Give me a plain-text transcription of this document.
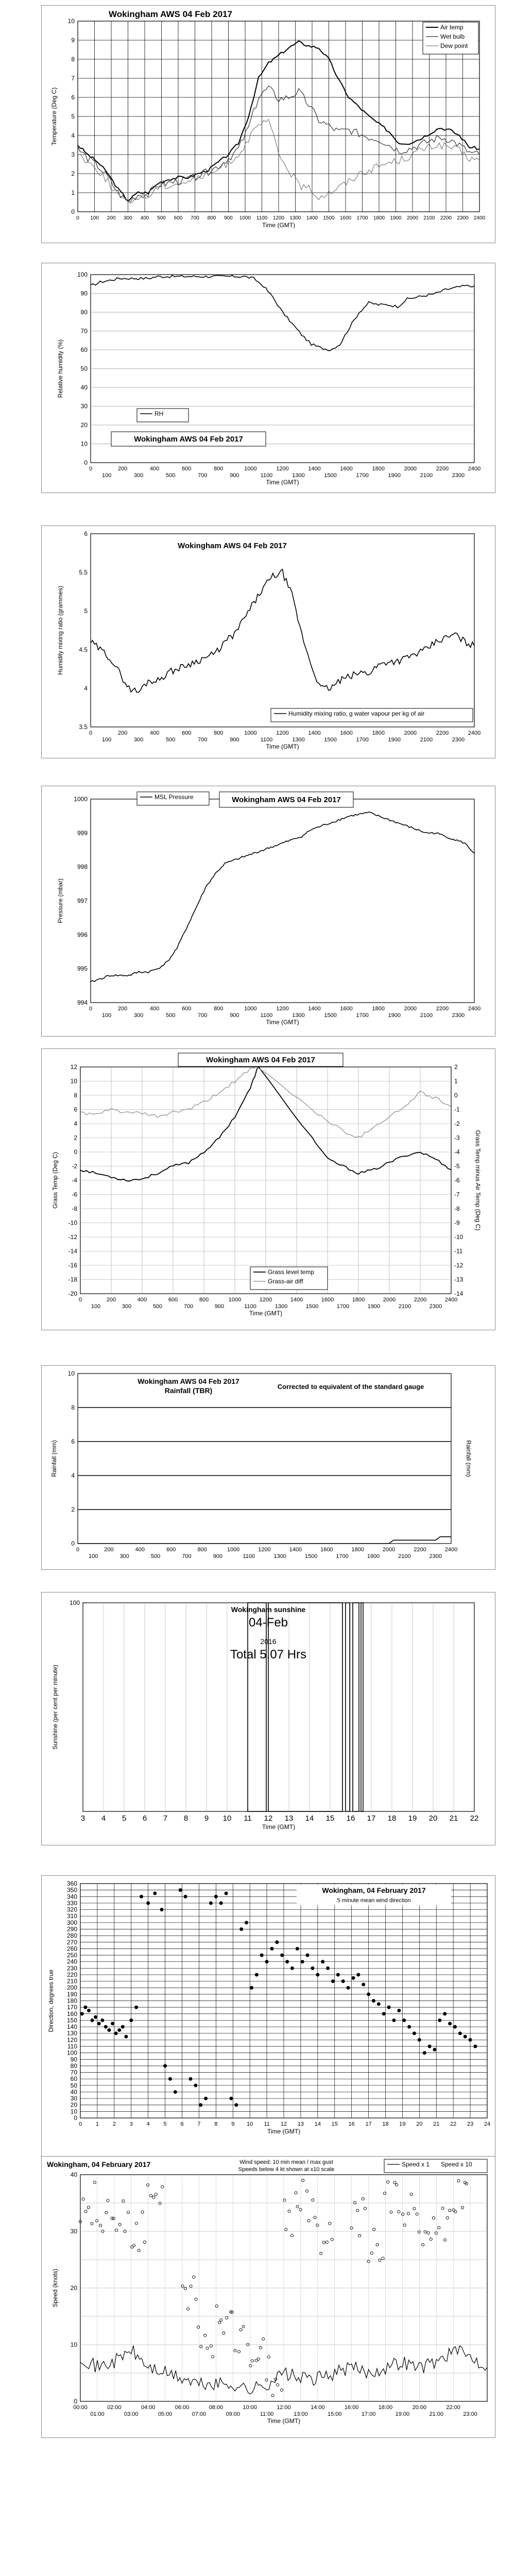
Wokingham AWS 04 Feb 2017
0
1
2
3
4
5
6
7
8
9
10
0 100 200 300 400 500 600 700 800 900 1000 1100 1200 1300 1400 1500 1600 1700 1800 1900 2000 2100 2200 2300 2400
Time (GMT)
Temperature (Deg C)
Air temp
Wet bulb
Dew point
0
10
20
30
40
50
60
70
80
90
100
0	200	400	600	800	1000	1200	1400	1600	1800	2000	2200	2400
100	300	500	700	900	1100	1300	1500	1700	1900	2100	2300
Time (GMT)
Relative humidity (%)
RH
Wokingham AWS 04 Feb 2017
Wokingham AWS 04 Feb 2017
3.5
4
4.5
5
5.5
6
0	200	400	600	800	1000	1200	1400	1600	1800	2000	2200	2400
100	300	500	700	900	1100	1300	1500	1700	1900	2100	2300
Time (GMT)
Humidity mixing ratio (grammes)
Humidity mixing ratio, g water vapour per kg of air
994
995
996
997
998
999
1000
0	200	400	600	800	1000	1200	1400	1600	1800	2000	2200	2400
100	300	500	700	900	1100	1300	1500	1700	1900	2100	2300
Time (GMT)
Pressure (mbar)
MSL Pressure	Wokingham AWS 04 Feb 2017
Wokingham AWS 04 Feb 2017
12
10
8
6
4
2
0
-2
-4
-6
-8
-10
-12
-14
-16
-18
-20
2
1
0
-1
-2
-3
-4
-5
-6
-7
-8
-9
-10
-11
-12
-13
-14
0	200	400	600	800	1000	1200	1400	1600	1800	2000	2200	2400
100	300	500	700	900	1100	1300	1500	1700	1900	2100	2300
Time (GMT)
Grass Temp (Deg C)	Grass Temp minus Air Temp (Deg C)
Grass level temp
Grass-air diff
Wokingham AWS 04 Feb 2017
Rainfall (TBR)	Corrected to equivalent of the standard gauge
0
2
4
6
8
10
0	200	400	600	800	1000	1200	1400	1600	1800	2000	2200	2400
100	300	500	700	900	1100	1300	1500	1700	1900	2100	2300
Rainfall (mm)	Rainfall (mm)
Wokingham sunshine
04-Feb
2016
Total 5.07 Hrs
100
3 4 5 6 7 8 9 10 11 12 13 14 15 16 17 18 19 20 21 22
Time (GMT)
Sunshine (per cent per minute)
Wokingham, 04 February 2017
5 minute mean wind direction
0
10
20
30
40
50
60
70
80
90
100
110
120
130
140
150
160
170
180
190
200
210
220
230
240
250
260
270
280
290
300
310
320
330
340
350
360
0 1 2 3 4 5 6 7 8 9 10 11 12 13 14 15 16 17 18 19 20 21 22 23 24
Time (GMT)
Direction, degrees true
Wokingham, 04 February 2017	Wind speed: 10 min mean / max gust
Speeds below 4 kt shown at x10 scale
Speed x 1 Speed x 10
0
10
20
30
40
00:00	02:00	04:00	06:00	08:00	10:00	12:00	14:00	16:00	18:00	20:00	22:00
01:00	03:00	05:00	07:00	09:00	11:00	13:00	15:00	17:00	19:00	21:00	23:00
Time (GMT)
Speed (knots)
